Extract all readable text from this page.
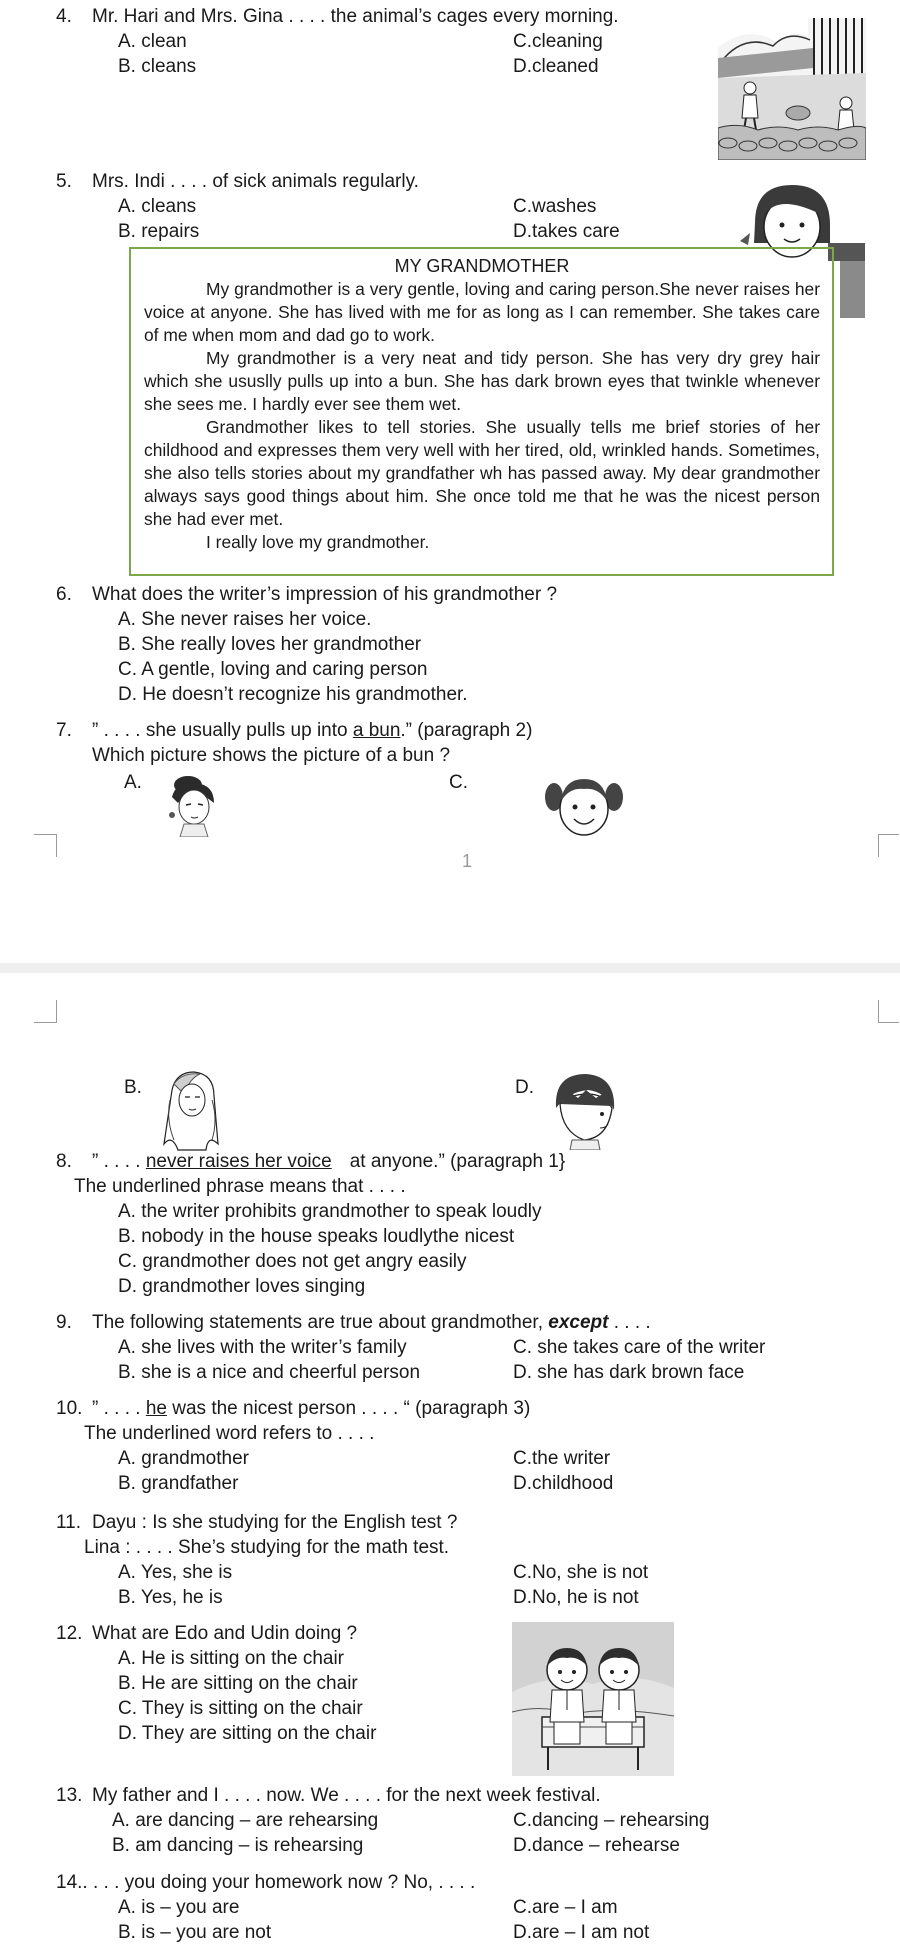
4. Mr. Hari and Mrs. Gina . . . . the animal’s cages every morning.
A. clean	C.cleaning
B. cleans	D.cleaned
5. Mrs. Indi . . . . of sick animals regularly.
A. cleans	C.washes
B. repairs	D.takes care
MY GRANDMOTHER

My grandmother is a very gentle, loving and caring person.She never raises her voice at anyone. She has lived with me for as long as I can remember. She takes care of me when mom and dad go to work.

My grandmother is a very neat and tidy person. She has very dry grey hair which she ususlly pulls up into a bun. She has dark brown eyes that twinkle whenever she sees me. I hardly ever see them wet.

Grandmother likes to tell stories. She usually tells me brief stories of her childhood and expresses them very well with her tired, old, wrinkled hands. Sometimes, she also tells stories about my grandfather wh has passed away. My dear grandmother always says good things about him. She once told me that he was the nicest person she had ever met.

I really love my grandmother.

6. What does the writer’s impression of his grandmother ?
A. She never raises her voice.
B. She really loves her grandmother
C. A gentle, loving and caring person
D. He doesn’t recognize his grandmother.
7. ” . . . . she usually pulls up into a bun.” (paragraph 2)
Which picture shows the picture of a bun ?
A.	C.
1
B.	D.
8. ” . . . . never raises her voice at anyone.” (paragraph 1}
The underlined phrase means that . . . .
A. the writer prohibits grandmother to speak loudly
B. nobody in the house speaks loudlythe nicest
C. grandmother does not get angry easily
D. grandmother loves singing
9. The following statements are true about grandmother, except . . . .
A. she lives with the writer’s family	C. she takes care of the writer
B. she is a nice and cheerful person	D. she has dark brown face
10. ” . . . . he was the nicest person . . . . “ (paragraph 3)
The underlined word refers to . . . .
A. grandmother	C.the writer
B. grandfather	D.childhood
11. Dayu : Is she studying for the English test ?
Lina : . . . . She’s studying for the math test.
A. Yes, she is	C.No, she is not
B. Yes, he is	D.No, he is not
12. What are Edo and Udin doing ?
A. He is sitting on the chair
B. He are sitting on the chair
C. They is sitting on the chair
D. They are sitting on the chair
13. My father and I . . . . now. We . . . . for the next week festival.
A. are dancing – are rehearsing	C.dancing – rehearsing
B. am dancing – is rehearsing	D.dance – rehearse
14.. . . . you doing your homework now ? No, . . . .
A. is – you are	C.are – I am
B. is – you are not	D.are – I am not
